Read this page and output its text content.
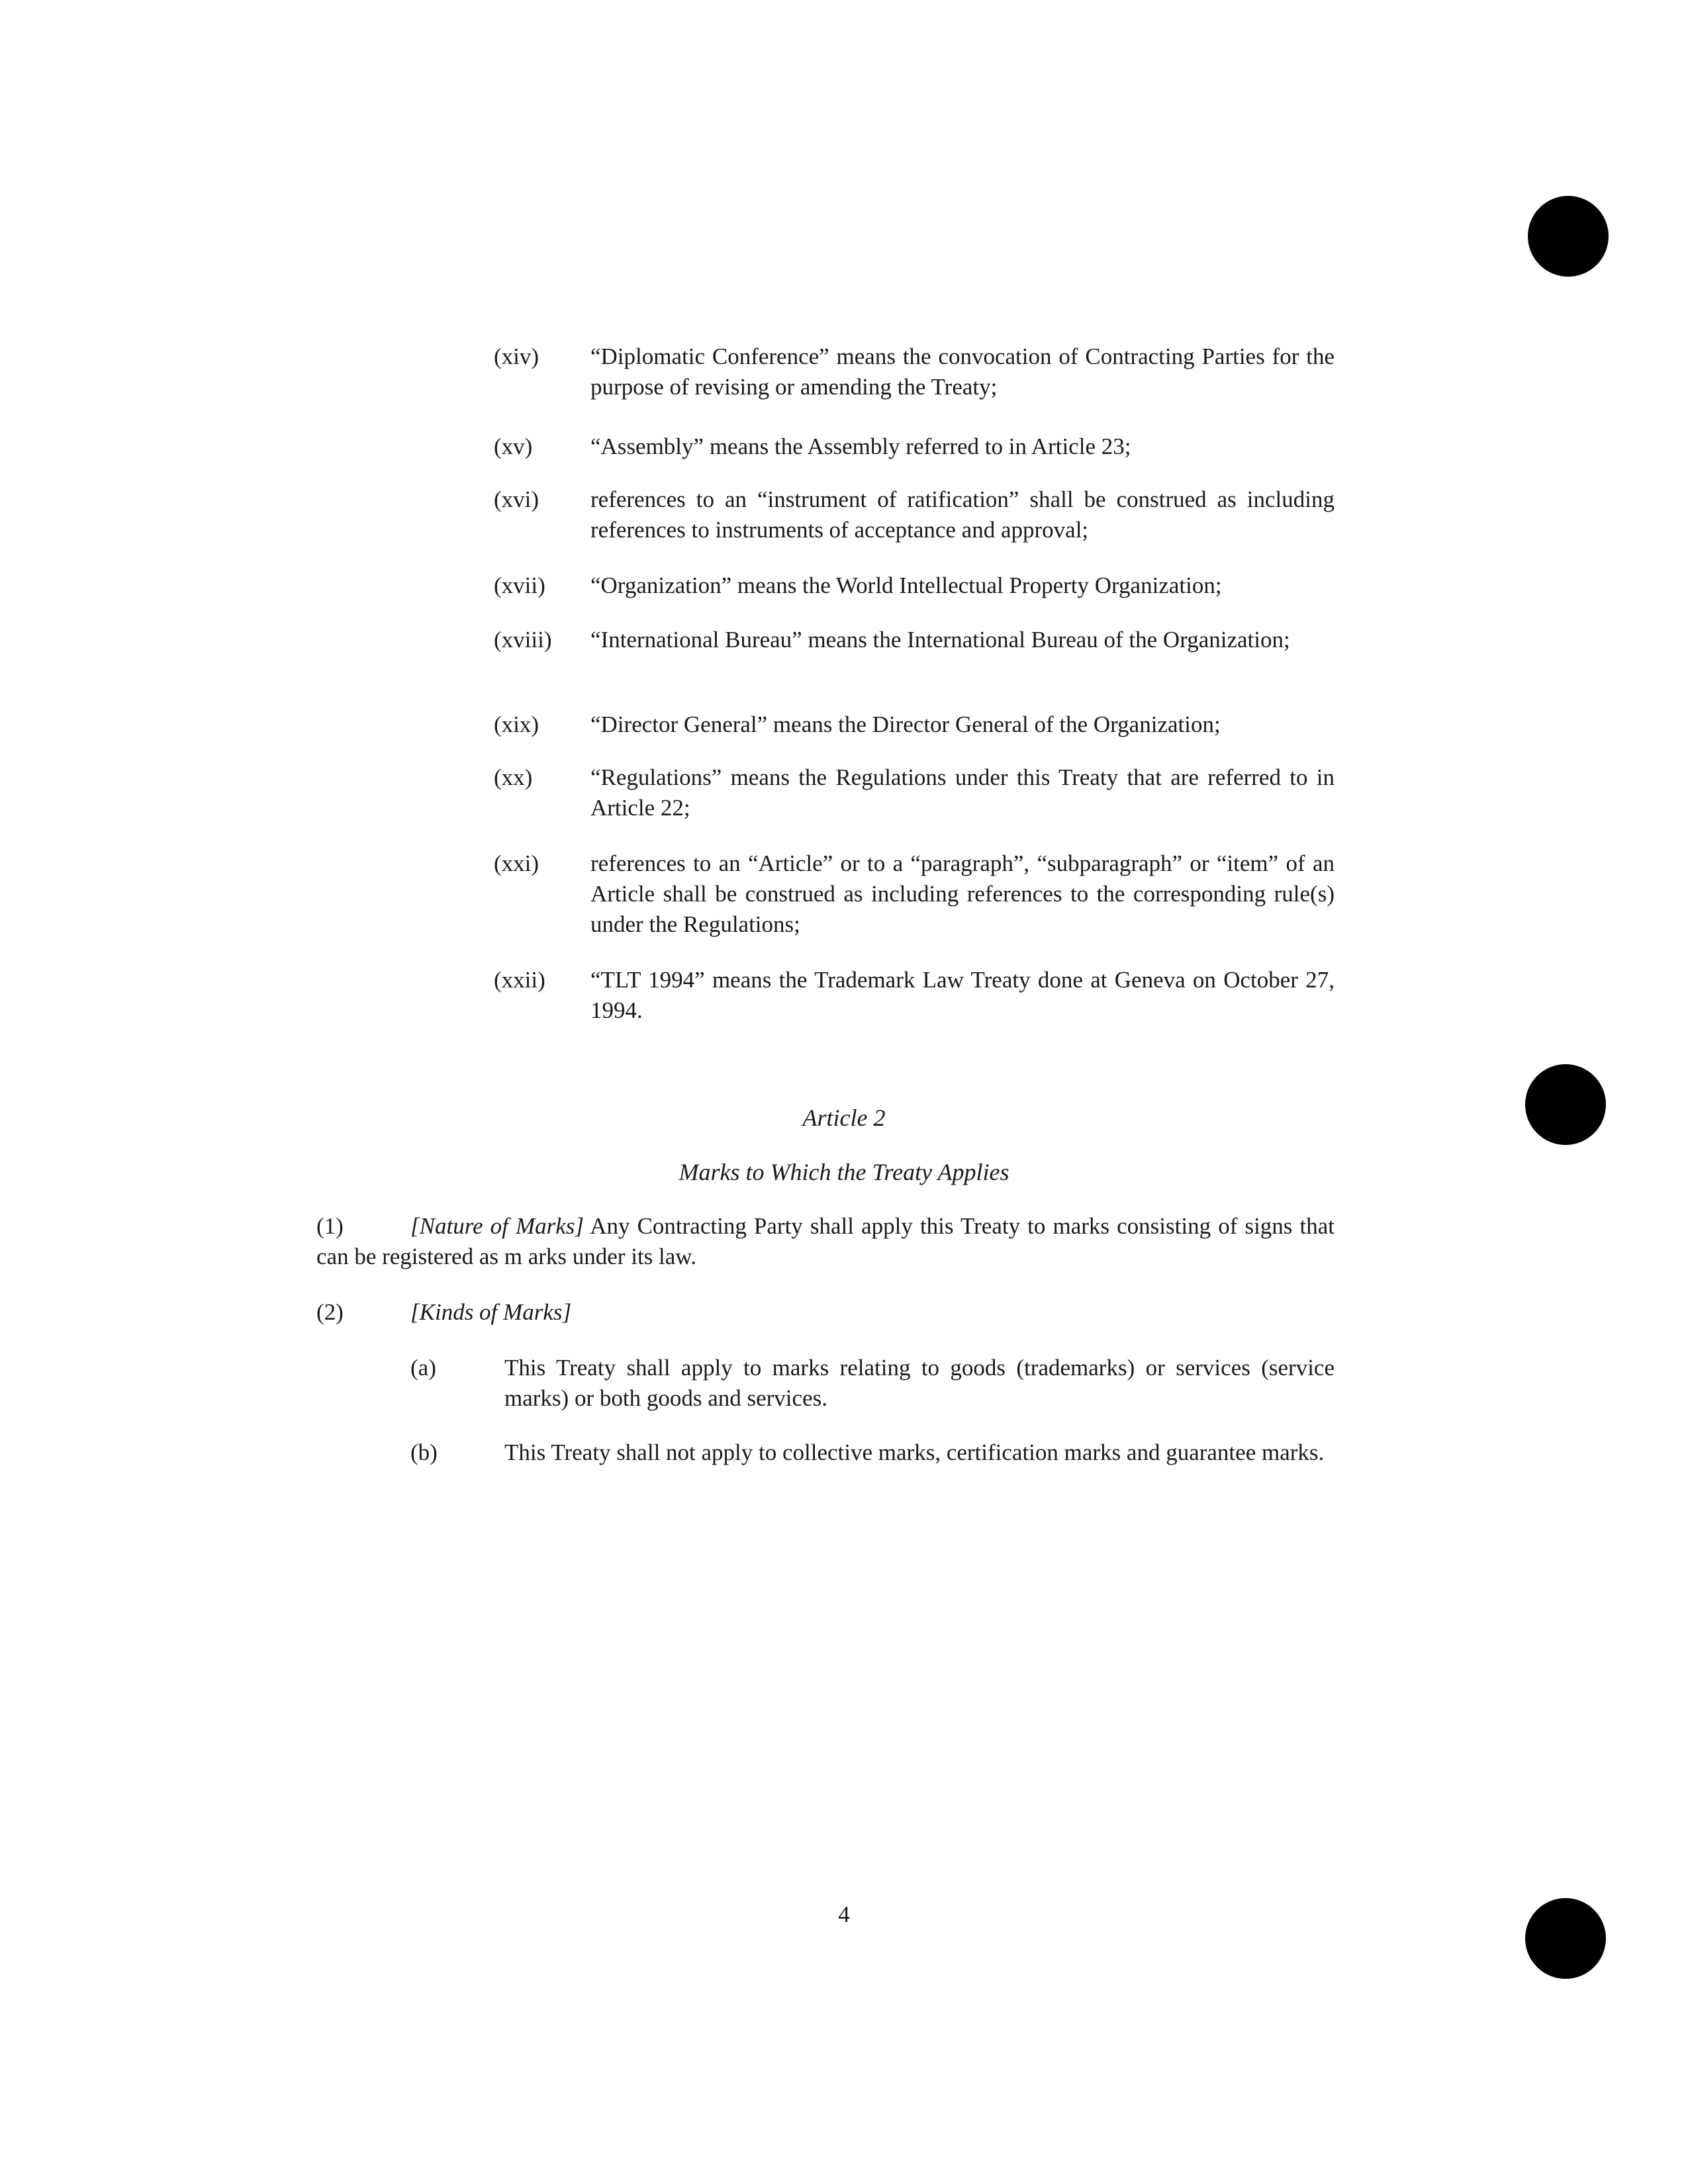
(xiv)	“Diplomatic Conference” means the convocation of Contracting Parties for the purpose of revising or amending the Treaty;
(xv)	“Assembly” means the Assembly referred to in Article 23;
(xvi)	references to an “instrument of ratification” shall be construed as including references to instruments of acceptance and approval;
(xvii)	“Organization” means the World Intellectual Property Organization;
(xviii)	“International Bureau” means the International Bureau of the Organization;
(xix)	“Director General” means the Director General of the Organization;
(xx)	“Regulations” means the Regulations under this Treaty that are referred to in Article 22;
(xxi)	references to an “Article” or to a “paragraph”, “subparagraph” or “item” of an Article shall be construed as including references to the corresponding rule(s) under the Regulations;
(xxii)	“TLT 1994” means the Trademark Law Treaty done at Geneva on October 27, 1994.
Article 2
Marks to Which the Treaty Applies
(1)	[Nature of Marks] Any Contracting Party shall apply this Treaty to marks consisting of signs that can be registered as m arks under its law.
(2)	[Kinds of Marks]
(a)	This Treaty shall apply to marks relating to goods (trademarks) or services (service marks) or both goods and services.
(b)	This Treaty shall not apply to collective marks, certification marks and guarantee marks.
4
